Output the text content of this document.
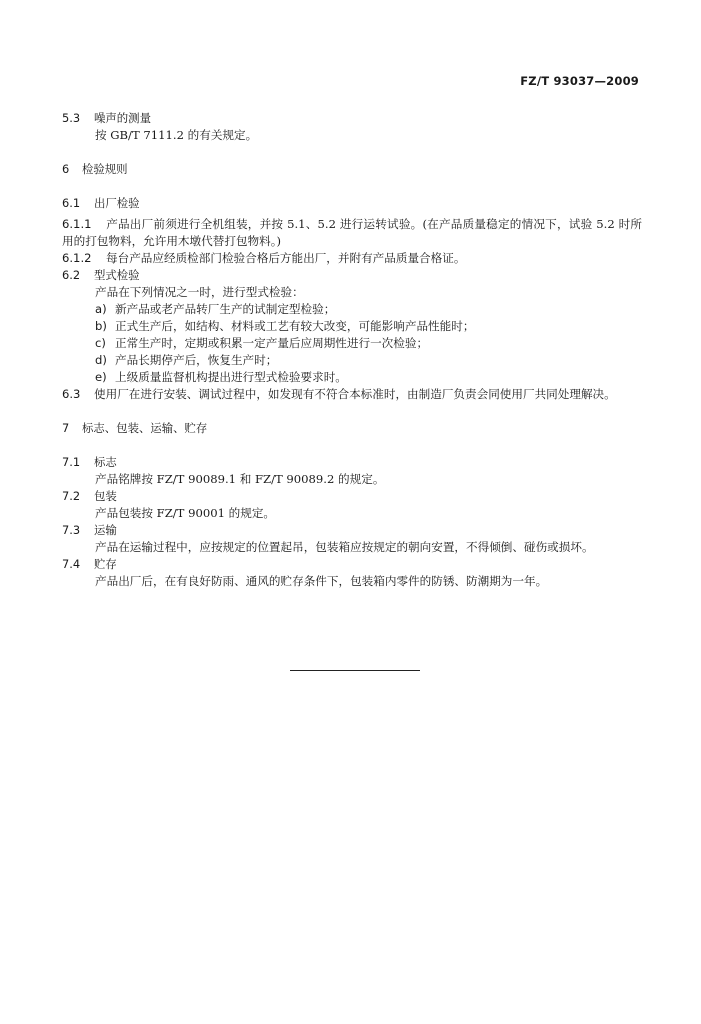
FZ/T 93037—2009
5.3 噪声的测量
按 GB/T 7111.2 的有关规定。
6 检验规则
6.1 出厂检验
6.1.1 产品出厂前须进行全机组装，并按 5.1、5.2 进行运转试验。(在产品质量稳定的情况下，试验 5.2 时所用的打包物料，允许用木墩代替打包物料。)
6.1.2 每台产品应经质检部门检验合格后方能出厂，并附有产品质量合格证。
6.2 型式检验
产品在下列情况之一时，进行型式检验：
a) 新产品或老产品转厂生产的试制定型检验；
b) 正式生产后，如结构、材料或工艺有较大改变，可能影响产品性能时；
c) 正常生产时，定期或积累一定产量后应周期性进行一次检验；
d) 产品长期停产后，恢复生产时；
e) 上级质量监督机构提出进行型式检验要求时。
6.3 使用厂在进行安装、调试过程中，如发现有不符合本标准时，由制造厂负责会同使用厂共同处理解决。
7 标志、包装、运输、贮存
7.1 标志
产品铭牌按 FZ/T 90089.1 和 FZ/T 90089.2 的规定。
7.2 包装
产品包装按 FZ/T 90001 的规定。
7.3 运输
产品在运输过程中，应按规定的位置起吊，包装箱应按规定的朝向安置，不得倾倒、碰伤或损坏。
7.4 贮存
产品出厂后，在有良好防雨、通风的贮存条件下，包装箱内零件的防锈、防潮期为一年。
